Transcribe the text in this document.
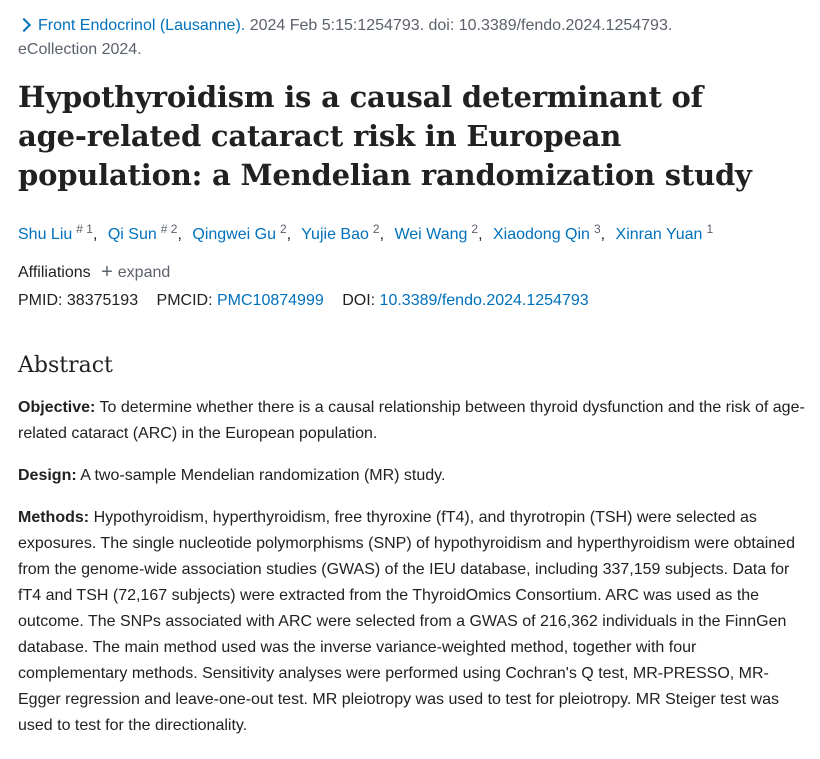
Front Endocrinol (Lausanne). 2024 Feb 5:15:1254793. doi: 10.3389/fendo.2024.1254793.
eCollection 2024.
Hypothyroidism is a causal determinant of age-related cataract risk in European population: a Mendelian randomization study
Shu Liu $^{\# 1}$, Qi Sun $^{\# 2}$, Qingwei Gu $^2$, Yujie Bao $^2$, Wei Wang $^2$, Xiaodong Qin $^3$, Xinran Yuan $^1$
Affiliations + expand
PMID: 38375193 PMCID: PMC10874999 DOI: 10.3389/fendo.2024.1254793
Abstract
Objective: To determine whether there is a causal relationship between thyroid dysfunction and the risk of age-related cataract (ARC) in the European population.
Design: A two-sample Mendelian randomization (MR) study.
Methods: Hypothyroidism, hyperthyroidism, free thyroxine (fT4), and thyrotropin (TSH) were selected as exposures. The single nucleotide polymorphisms (SNP) of hypothyroidism and hyperthyroidism were obtained from the genome-wide association studies (GWAS) of the IEU database, including 337,159 subjects. Data for fT4 and TSH (72,167 subjects) were extracted from the ThyroidOmics Consortium. ARC was used as the outcome. The SNPs associated with ARC were selected from a GWAS of 216,362 individuals in the FinnGen database. The main method used was the inverse variance-weighted method, together with four complementary methods. Sensitivity analyses were performed using Cochran's Q test, MR-PRESSO, MR-Egger regression and leave-one-out test. MR pleiotropy was used to test for pleiotropy. MR Steiger test was used to test for the directionality.
